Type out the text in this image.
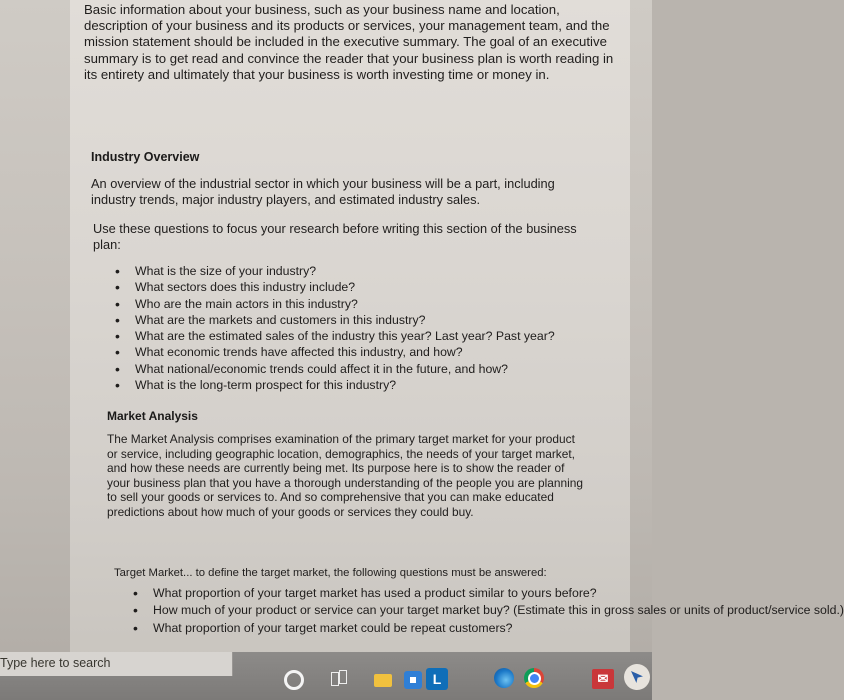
Basic information about your business, such as your business name and location, description of your business and its products or services, your management team, and the mission statement should be included in the executive summary. The goal of an executive summary is to get read and convince the reader that your business plan is worth reading in its entirety and ultimately that your business is worth investing time or money in.

Industry Overview

An overview of the industrial sector in which your business will be a part, including industry trends, major industry players, and estimated industry sales.

Use these questions to focus your research before writing this section of the business plan:

• What is the size of your industry?
• What sectors does this industry include?
• Who are the main actors in this industry?
• What are the markets and customers in this industry?
• What are the estimated sales of the industry this year? Last year? Past year?
• What economic trends have affected this industry, and how?
• What national/economic trends could affect it in the future, and how?
• What is the long-term prospect for this industry?
Market Analysis

The Market Analysis comprises examination of the primary target market for your product or service, including geographic location, demographics, the needs of your target market, and how these needs are currently being met. Its purpose here is to show the reader of your business plan that you have a thorough understanding of the people you are planning to sell your goods or services to. And so comprehensive that you can make educated predictions about how much of your goods or services they could buy.

Target Market... to define the target market, the following questions must be answered:

• What proportion of your target market has used a product similar to yours before?
• How much of your product or service can your target market buy? (Estimate this in gross sales or units of product/service sold.)
• What proportion of your target market could be repeat customers?
Type here to search
L	✉
